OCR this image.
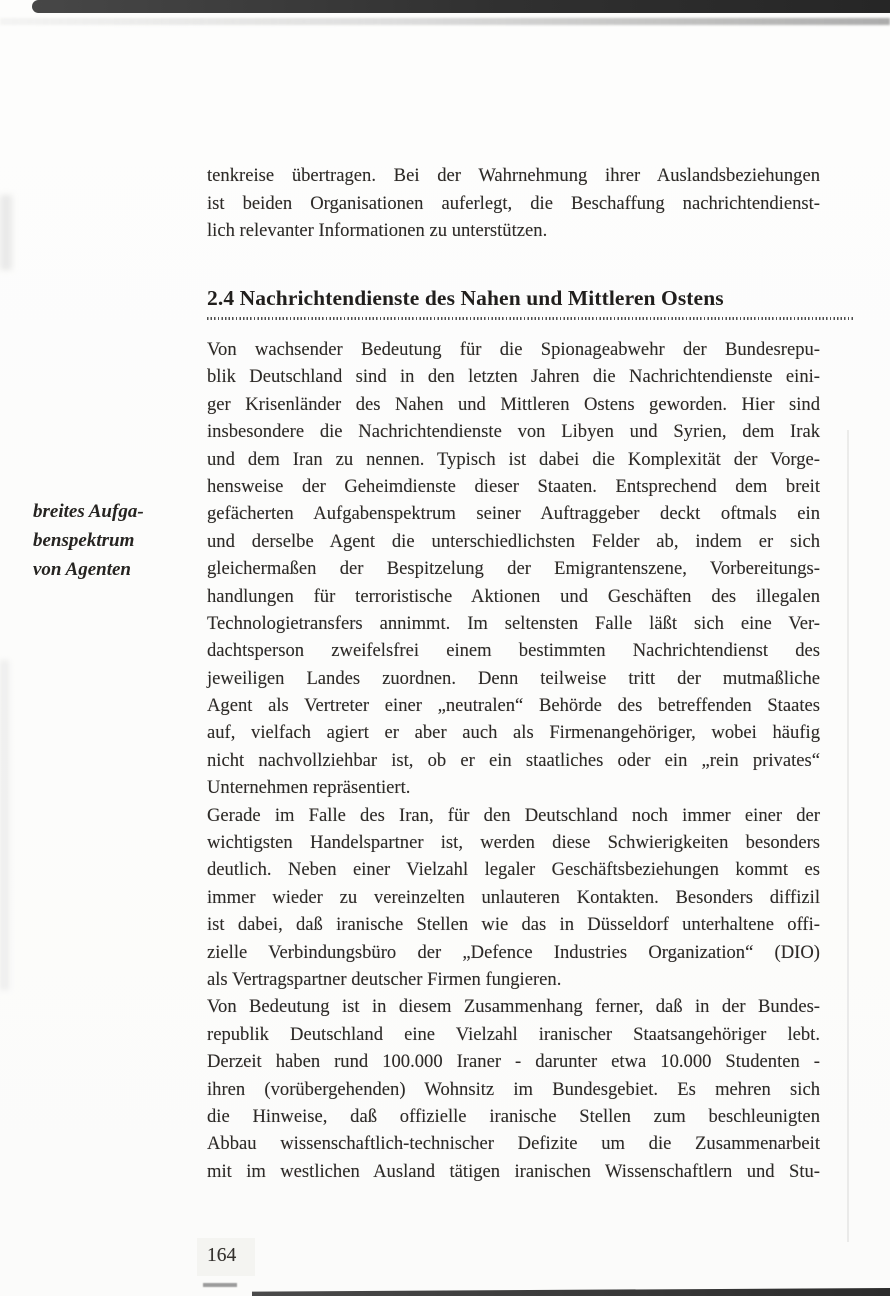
tenkreise übertragen. Bei der Wahrnehmung ihrer Auslandsbeziehungen
ist beiden Organisationen auferlegt, die Beschaffung nachrichtendienst-
lich relevanter Informationen zu unterstützen.
2.4 Nachrichtendienste des Nahen und Mittleren Ostens
breites Aufga-
benspektrum
von Agenten
Von wachsender Bedeutung für die Spionageabwehr der Bundesrepu-
blik Deutschland sind in den letzten Jahren die Nachrichtendienste eini-
ger Krisenländer des Nahen und Mittleren Ostens geworden. Hier sind
insbesondere die Nachrichtendienste von Libyen und Syrien, dem Irak
und dem Iran zu nennen. Typisch ist dabei die Komplexität der Vorge-
hensweise der Geheimdienste dieser Staaten. Entsprechend dem breit
gefächerten Aufgabenspektrum seiner Auftraggeber deckt oftmals ein
und derselbe Agent die unterschiedlichsten Felder ab, indem er sich
gleichermaßen der Bespitzelung der Emigrantenszene, Vorbereitungs-
handlungen für terroristische Aktionen und Geschäften des illegalen
Technologietransfers annimmt. Im seltensten Falle läßt sich eine Ver-
dachtsperson zweifelsfrei einem bestimmten Nachrichtendienst des
jeweiligen Landes zuordnen. Denn teilweise tritt der mutmaßliche
Agent als Vertreter einer „neutralen“ Behörde des betreffenden Staates
auf, vielfach agiert er aber auch als Firmenangehöriger, wobei häufig
nicht nachvollziehbar ist, ob er ein staatliches oder ein „rein privates“
Unternehmen repräsentiert.
Gerade im Falle des Iran, für den Deutschland noch immer einer der
wichtigsten Handelspartner ist, werden diese Schwierigkeiten besonders
deutlich. Neben einer Vielzahl legaler Geschäftsbeziehungen kommt es
immer wieder zu vereinzelten unlauteren Kontakten. Besonders diffizil
ist dabei, daß iranische Stellen wie das in Düsseldorf unterhaltene offi-
zielle Verbindungsbüro der „Defence Industries Organization“ (DIO)
als Vertragspartner deutscher Firmen fungieren.
Von Bedeutung ist in diesem Zusammenhang ferner, daß in der Bundes-
republik Deutschland eine Vielzahl iranischer Staatsangehöriger lebt.
Derzeit haben rund 100.000 Iraner - darunter etwa 10.000 Studenten -
ihren (vorübergehenden) Wohnsitz im Bundesgebiet. Es mehren sich
die Hinweise, daß offizielle iranische Stellen zum beschleunigten
Abbau wissenschaftlich-technischer Defizite um die Zusammenarbeit
mit im westlichen Ausland tätigen iranischen Wissenschaftlern und Stu-
164
